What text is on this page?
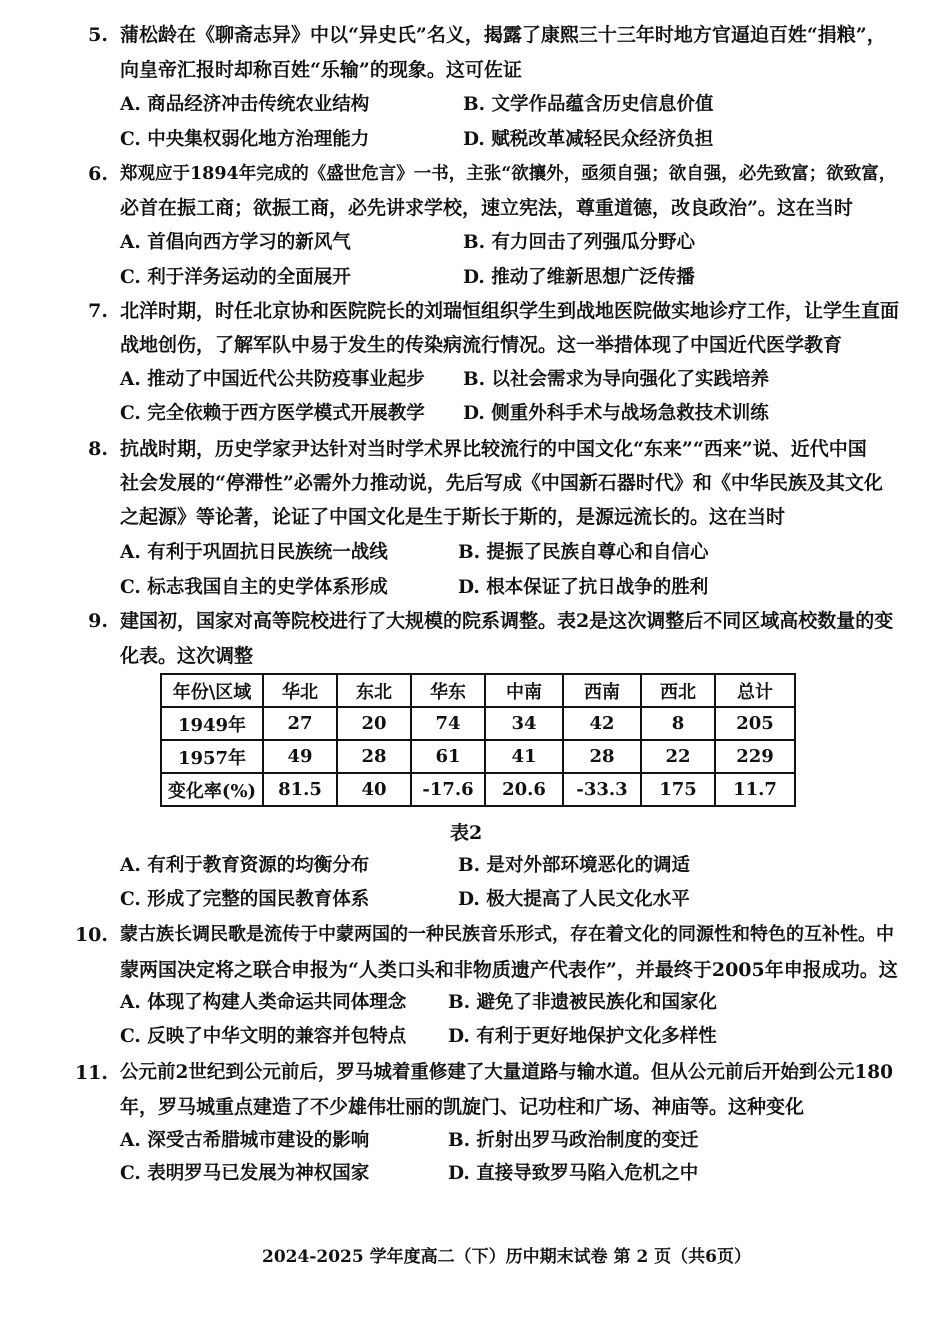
5. 蒲松龄在《聊斋志异》中以“异史氏”名义，揭露了康熙三十三年时地方官逼迫百姓“捐粮”，
向皇帝汇报时却称百姓“乐输”的现象。这可佐证
A. 商品经济冲击传统农业结构	B. 文学作品蕴含历史信息价值
C. 中央集权弱化地方治理能力	D. 赋税改革减轻民众经济负担
6. 郑观应于1894年完成的《盛世危言》一书，主张“欲攘外，亟须自强；欲自强，必先致富；欲致富，
必首在振工商；欲振工商，必先讲求学校，速立宪法，尊重道德，改良政治”。这在当时
A. 首倡向西方学习的新风气	B. 有力回击了列强瓜分野心
C. 利于洋务运动的全面展开	D. 推动了维新思想广泛传播
7. 北洋时期，时任北京协和医院院长的刘瑞恒组织学生到战地医院做实地诊疗工作，让学生直面
战地创伤，了解军队中易于发生的传染病流行情况。这一举措体现了中国近代医学教育
A. 推动了中国近代公共防疫事业起步 B. 以社会需求为导向强化了实践培养
C. 完全依赖于西方医学模式开展教学 D. 侧重外科手术与战场急救技术训练
8. 抗战时期，历史学家尹达针对当时学术界比较流行的中国文化“东来”“西来”说、近代中国
社会发展的“停滞性”必需外力推动说，先后写成《中国新石器时代》和《中华民族及其文化
之起源》等论著，论证了中国文化是生于斯长于斯的，是源远流长的。这在当时
A. 有利于巩固抗日民族统一战线	B. 提振了民族自尊心和自信心
C. 标志我国自主的史学体系形成	D. 根本保证了抗日战争的胜利
9. 建国初，国家对高等院校进行了大规模的院系调整。表2是这次调整后不同区域高校数量的变
化表。这次调整
年份\区域	华北	东北	华东	中南	西南	西北	总计
1949年	27	20	74	34	42	8	205
1957年	49	28	61	41	28	22	229
变化率(%)	81.5	40	-17.6	20.6	-33.3	175	11.7
表2
A. 有利于教育资源的均衡分布	B. 是对外部环境恶化的调适
C. 形成了完整的国民教育体系	D. 极大提高了人民文化水平
10. 蒙古族长调民歌是流传于中蒙两国的一种民族音乐形式，存在着文化的同源性和特色的互补性。中
蒙两国决定将之联合申报为“人类口头和非物质遗产代表作”，并最终于2005年申报成功。这
A. 体现了构建人类命运共同体理念 B. 避免了非遗被民族化和国家化
C. 反映了中华文明的兼容并包特点 D. 有利于更好地保护文化多样性
11. 公元前2世纪到公元前后，罗马城着重修建了大量道路与输水道。但从公元前后开始到公元180
年，罗马城重点建造了不少雄伟壮丽的凯旋门、记功柱和广场、神庙等。这种变化
A. 深受古希腊城市建设的影响	B. 折射出罗马政治制度的变迁
C. 表明罗马已发展为神权国家	D. 直接导致罗马陷入危机之中
2024-2025 学年度高二（下）历中期末试卷 第 2 页（共6页）
